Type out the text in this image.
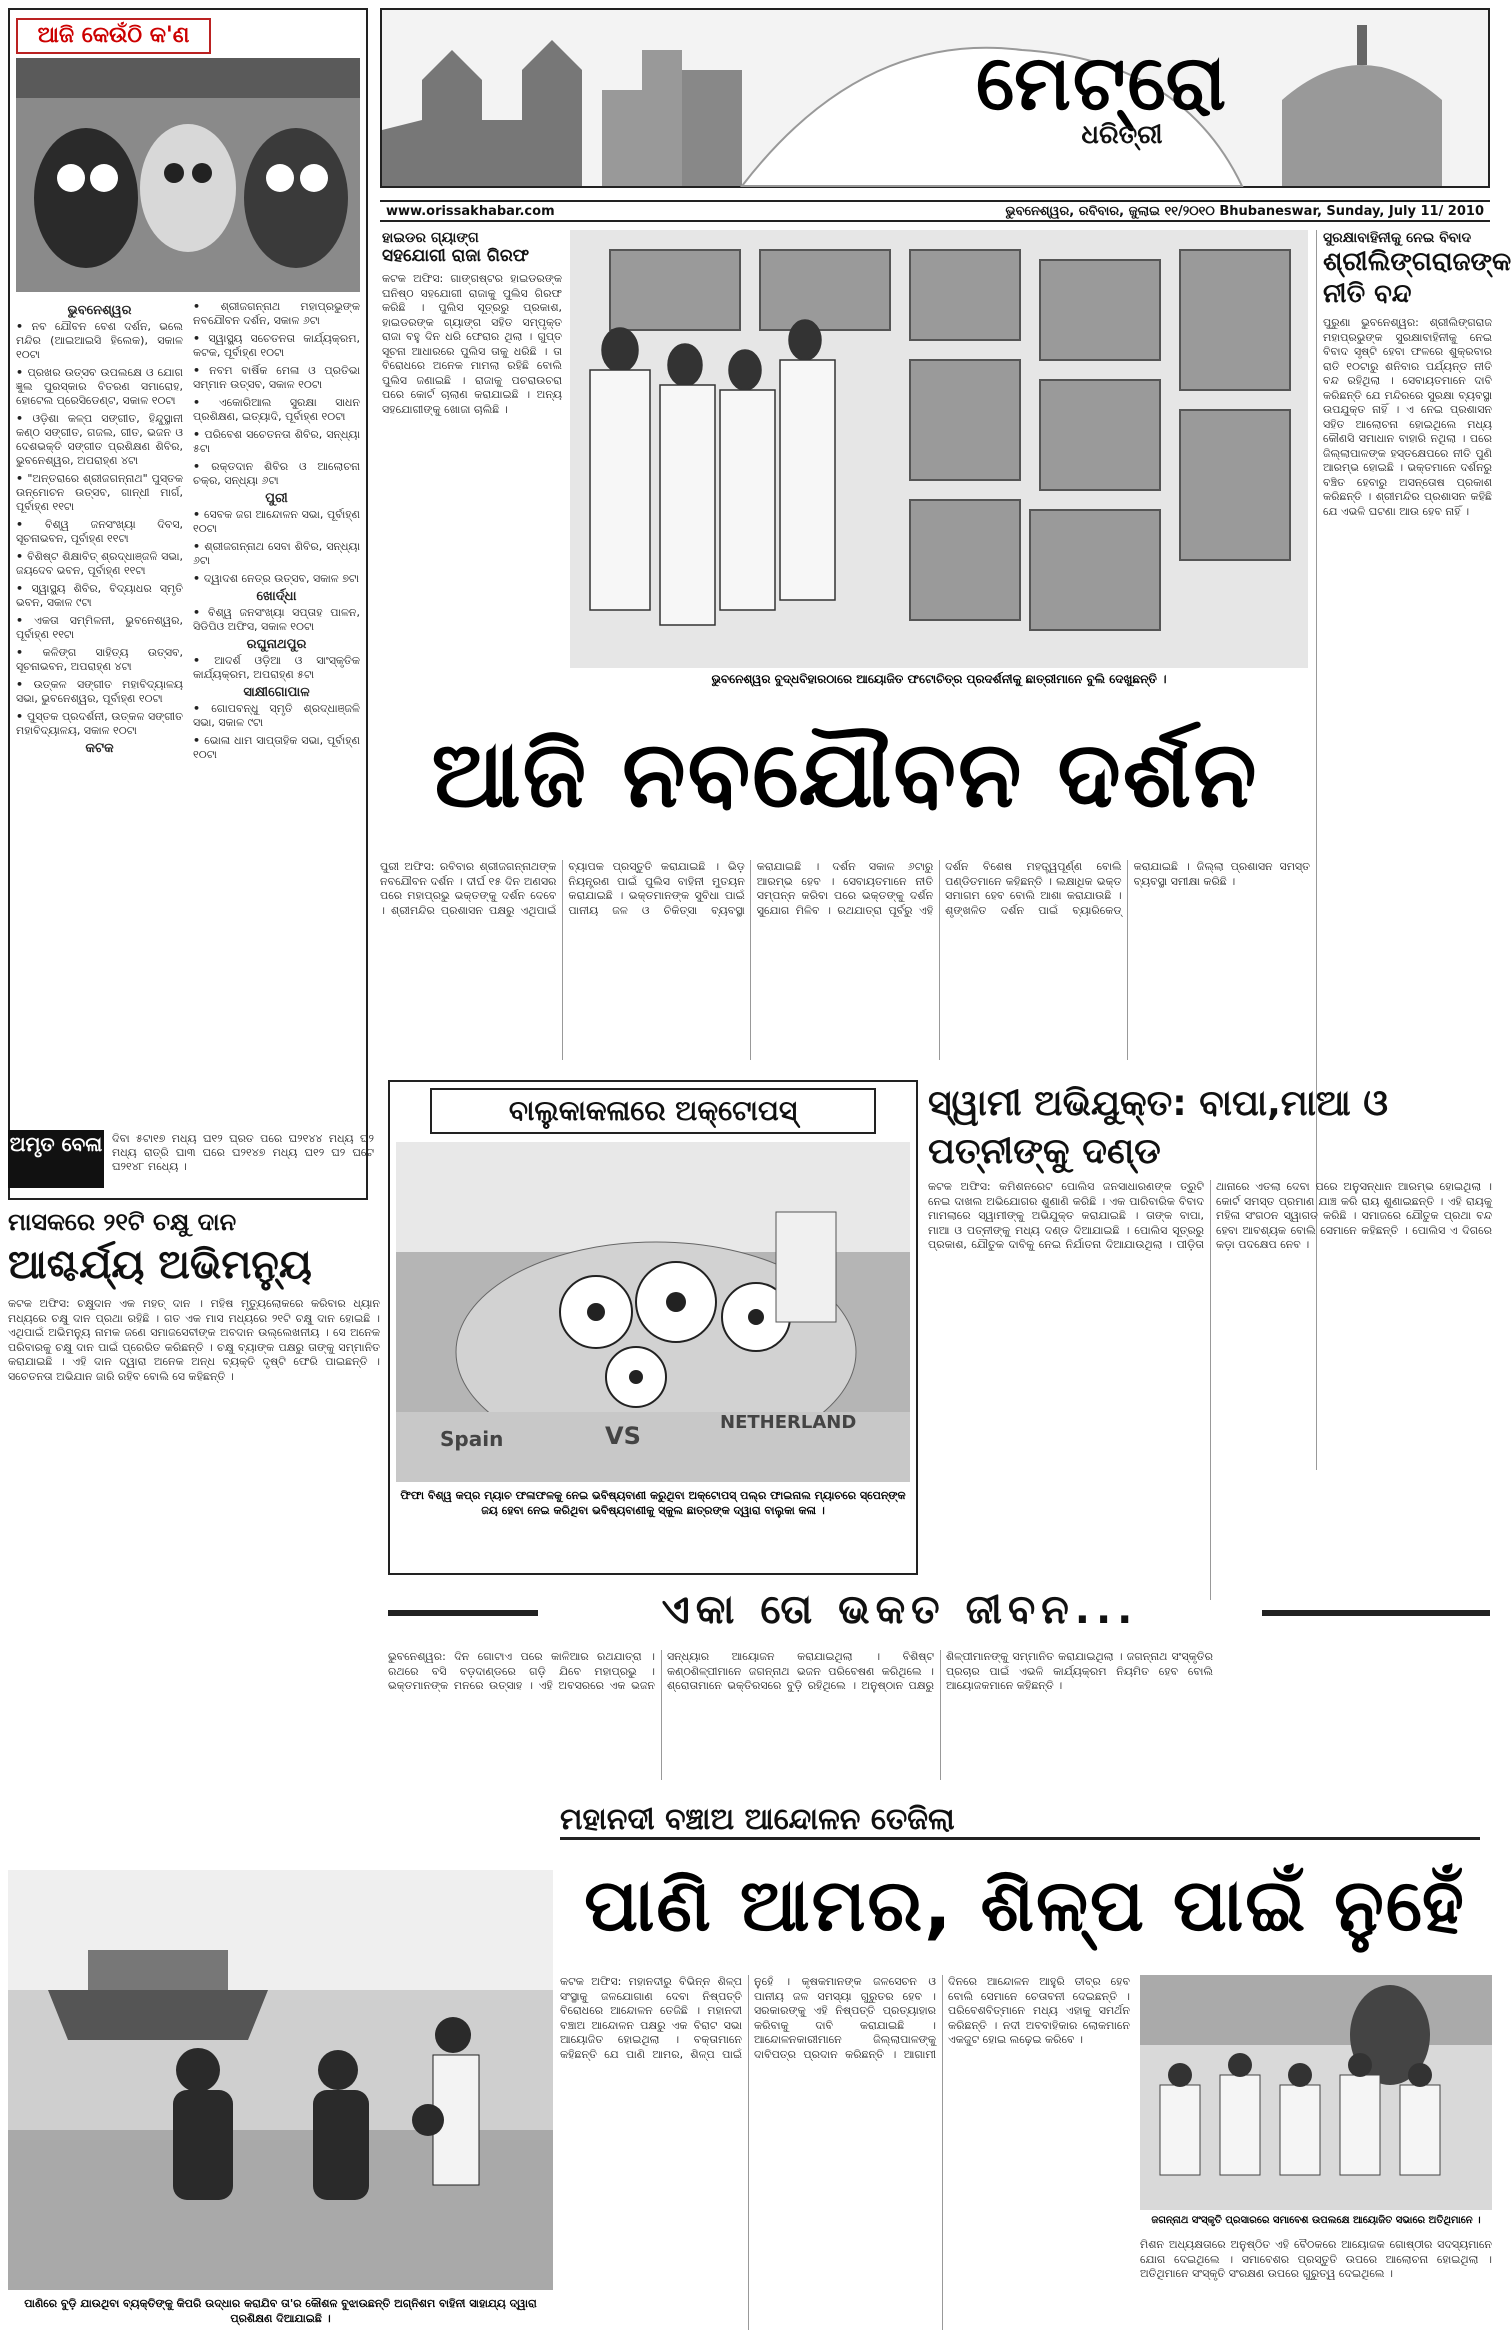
ଆଜି କେଉଁଠି କ'ଣ
ଭୁବନେଶ୍ୱର
• ନବ ଯୌବନ ବେଶ ଦର୍ଶନ, ଭଲେ ମନ୍ଦିର (ଆଇଆଇସି ହିଲେକ), ସକାଳ ୧୦ଟା
• ପ୍ରଖର ଉତ୍ସବ ଉପଲକ୍ଷେ ଓ ଯୋଗ ଜ୍ଞୁଲ ପୁରସ୍କାର ବିତରଣ ସମାରୋହ, ହୋଟେଲ ପ୍ରେସିଡେଣ୍ଟ, ସକାଳ ୧୦ଟା
• ଓଡ଼ିଶା କଳ୍ପ ସଙ୍ଗୀତ, ହିନ୍ଦୁସ୍ଥାନୀ କଣ୍ଠ ସଙ୍ଗୀତ, ଗଜଲ, ଗୀତ, ଭଜନ ଓ ଦେଶଭକ୍ତି ସଙ୍ଗୀତ ପ୍ରଶିକ୍ଷଣ ଶିବିର, ଭୁବନେଶ୍ୱର, ଅପରାହ୍ଣ ୪ଟା
• "ଅନ୍ତରାରେ ଶ୍ରୀଜଗନ୍ନାଥ" ପୁସ୍ତକ ଉନ୍ମୋଚନ ଉତ୍ସବ, ଗାନ୍ଧୀ ମାର୍ଗ, ପୂର୍ବାହ୍ଣ ୧୧ଟା
• ବିଶ୍ୱ ଜନସଂଖ୍ୟା ଦିବସ, ସୂଚନାଭବନ, ପୂର୍ବାହ୍ଣ ୧୧ଟା
• ବିଶିଷ୍ଟ ଶିକ୍ଷାବିତ୍ ଶ୍ରଦ୍ଧାଞ୍ଜଳି ସଭା, ଜୟଦେବ ଭବନ, ପୂର୍ବାହ୍ଣ ୧୧ଟା
• ସ୍ୱାସ୍ଥ୍ୟ ଶିବିର, ବିଦ୍ୟାଧର ସ୍ମୃତି ଭବନ, ସକାଳ ୯ଟା
• ଏକତା ସମ୍ମିଳନୀ, ଭୁବନେଶ୍ୱର, ପୂର୍ବାହ୍ଣ ୧୧ଟା
• କଳିଙ୍ଗ ସାହିତ୍ୟ ଉତ୍ସବ, ସୂଚନାଭବନ, ଅପରାହ୍ଣ ୪ଟା
• ଉତ୍କଳ ସଙ୍ଗୀତ ମହାବିଦ୍ୟାଳୟ ସଭା, ଭୁବନେଶ୍ୱର, ପୂର୍ବାହ୍ଣ ୧୦ଟା
• ପୁସ୍ତକ ପ୍ରଦର୍ଶନୀ, ଉତ୍କଳ ସଙ୍ଗୀତ ମହାବିଦ୍ୟାଳୟ, ସକାଳ ୧୦ଟା
କଟକ
• ଶ୍ରୀଜଗନ୍ନାଥ ମହାପ୍ରଭୁଙ୍କ ନବଯୌବନ ଦର୍ଶନ, ସକାଳ ୬ଟା
• ସ୍ୱାସ୍ଥ୍ୟ ସଚେତନତା କାର୍ଯ୍ୟକ୍ରମ, କଟକ, ପୂର୍ବାହ୍ଣ ୧୦ଟା
• ନବମ ବାର୍ଷିକ ମେଳା ଓ ପ୍ରତିଭା ସମ୍ମାନ ଉତ୍ସବ, ସକାଳ ୧୦ଟା
• ଏକୋରିଆଲ ସୁରକ୍ଷା ସାଧନ ପ୍ରଶିକ୍ଷଣ, ଇତ୍ୟାଦି, ପୂର୍ବାହ୍ଣ ୧୦ଟା
• ପରିବେଶ ସଚେତନତା ଶିବିର, ସନ୍ଧ୍ୟା ୫ଟା
• ରକ୍ତଦାନ ଶିବିର ଓ ଆଲୋଚନା ଚକ୍ର, ସନ୍ଧ୍ୟା ୬ଟା
ପୁରୀ
• ସେବକ ଜଗ ଆନ୍ଦୋଳନ ସଭା, ପୂର୍ବାହ୍ଣ ୧୦ଟା
• ଶ୍ରୀଜଗନ୍ନାଥ ସେବା ଶିବିର, ସନ୍ଧ୍ୟା ୬ଟା
• ଦ୍ୱାଦଶ ନେତ୍ର ଉତ୍ସବ, ସକାଳ ୭ଟା
ଖୋର୍ଦ୍ଧା
• ବିଶ୍ୱ ଜନସଂଖ୍ୟା ସପ୍ତାହ ପାଳନ, ସିଡିପିଓ ଅଫିସ, ସକାଳ ୧୦ଟା
ରଘୁନାଥପୁର
• ଆଦର୍ଶ ଓଡ଼ିଆ ଓ ସାଂସ୍କୃତିକ କାର୍ଯ୍ୟକ୍ରମ, ଅପରାହ୍ଣ ୫ଟା
ସାକ୍ଷୀଗୋପାଳ
• ଗୋପବନ୍ଧୁ ସ୍ମୃତି ଶ୍ରଦ୍ଧାଞ୍ଜଳି ସଭା, ସକାଳ ୯ଟା
• ଭୋଳା ଧାମ ସାପ୍ତାହିକ ସଭା, ପୂର୍ବାହ୍ଣ ୧୦ଟା
ମେଟ୍ରୋ
ଧରିତ୍ରୀ
www.orissakhabar.com	ଭୁବନେଶ୍ୱର, ରବିବାର, ଜୁଲାଇ ୧୧/୨୦୧୦ Bhubaneswar, Sunday, July 11/ 2010
ହାଇଡର ଗ୍ୟାଙ୍ଗ
ସହଯୋଗୀ ରାଜା ଗିରଫ
କଟକ ଅଫିସ: ଗାଙ୍ଗଷ୍ଟର ହାଇଡରଙ୍କ ଘନିଷ୍ଠ ସହଯୋଗୀ ରାଜାକୁ ପୁଲିସ ଗିରଫ କରିଛି । ପୁଲିସ ସୂତ୍ରରୁ ପ୍ରକାଶ, ହାଇଡରଙ୍କ ଗ୍ୟାଙ୍ଗ ସହିତ ସମ୍ପୃକ୍ତ ରାଜା ବହୁ ଦିନ ଧରି ଫେରାର ଥିଲା । ଗୁପ୍ତ ସୂଚନା ଆଧାରରେ ପୁଲିସ ତାକୁ ଧରିଛି । ତା ବିରୋଧରେ ଅନେକ ମାମଲା ରହିଛି ବୋଲି ପୁଲିସ ଜଣାଇଛି । ରାଜାକୁ ପଚରାଉଚରା ପରେ କୋର୍ଟ ଚାଲାଣ କରାଯାଇଛି । ଅନ୍ୟ ସହଯୋଗୀଙ୍କୁ ଖୋଜା ଚାଲିଛି ।
ଭୁବନେଶ୍ୱର ବୁଦ୍ଧବିହାରଠାରେ ଆୟୋଜିତ ଫଟୋଚିତ୍ର ପ୍ରଦର୍ଶନୀକୁ ଛାତ୍ରୀମାନେ ବୁଲି ଦେଖୁଛନ୍ତି ।
ସୁରକ୍ଷାବାହିନୀକୁ ନେଇ ବିବାଦ
ଶ୍ରୀଲିଙ୍ଗରାଜଙ୍କ ନୀତି ବନ୍ଦ
ପୁରୁଣା ଭୁବନେଶ୍ୱର: ଶ୍ରୀଲିଙ୍ଗରାଜ ମହାପ୍ରଭୁଙ୍କ ସୁରକ୍ଷାବାହିନୀକୁ ନେଇ ବିବାଦ ସୃଷ୍ଟି ହେବା ଫଳରେ ଶୁକ୍ରବାର ରାତି ୧୦ଟାରୁ ଶନିବାର ପର୍ଯ୍ୟନ୍ତ ନୀତି ବନ୍ଦ ରହିଥିଲା । ସେବାୟତମାନେ ଦାବି କରିଛନ୍ତି ଯେ ମନ୍ଦିରରେ ସୁରକ୍ଷା ବ୍ୟବସ୍ଥା ଉପଯୁକ୍ତ ନାହିଁ । ଏ ନେଇ ପ୍ରଶାସନ ସହିତ ଆଲୋଚନା ହୋଇଥିଲେ ମଧ୍ୟ କୌଣସି ସମାଧାନ ବାହାରି ନଥିଲା । ପରେ ଜିଲ୍ଲାପାଳଙ୍କ ହସ୍ତକ୍ଷେପରେ ନୀତି ପୁଣି ଆରମ୍ଭ ହୋଇଛି । ଭକ୍ତମାନେ ଦର୍ଶନରୁ ବଞ୍ଚିତ ହେବାରୁ ଅସନ୍ତୋଷ ପ୍ରକାଶ କରିଛନ୍ତି । ଶ୍ରୀମନ୍ଦିର ପ୍ରଶାସନ କହିଛି ଯେ ଏଭଳି ଘଟଣା ଆଉ ହେବ ନାହିଁ ।
ଆଜି ନବଯୌବନ ଦର୍ଶନ
ପୁରୀ ଅଫିସ: ରବିବାର ଶ୍ରୀଜଗନ୍ନାଥଙ୍କ ନବଯୌବନ ଦର୍ଶନ । ଦୀର୍ଘ ୧୫ ଦିନ ଅଣସର ପରେ ମହାପ୍ରଭୁ ଭକ୍ତଙ୍କୁ ଦର୍ଶନ ଦେବେ । ଶ୍ରୀମନ୍ଦିର ପ୍ରଶାସନ ପକ୍ଷରୁ ଏଥିପାଇଁ ବ୍ୟାପକ ପ୍ରସ୍ତୁତି କରାଯାଇଛି । ଭିଡ଼ ନିୟନ୍ତ୍ରଣ ପାଇଁ ପୁଲିସ ବାହିନୀ ମୁତୟନ କରାଯାଇଛି । ଭକ୍ତମାନଙ୍କ ସୁବିଧା ପାଇଁ ପାନୀୟ ଜଳ ଓ ଚିକିତ୍ସା ବ୍ୟବସ୍ଥା କରାଯାଇଛି । ଦର୍ଶନ ସକାଳ ୬ଟାରୁ ଆରମ୍ଭ ହେବ । ସେବାୟତମାନେ ନୀତି ସମ୍ପନ୍ନ କରିବା ପରେ ଭକ୍ତଙ୍କୁ ଦର୍ଶନ ସୁଯୋଗ ମିଳିବ । ରଥଯାତ୍ରା ପୂର୍ବରୁ ଏହି ଦର୍ଶନ ବିଶେଷ ମହତ୍ତ୍ୱପୂର୍ଣ୍ଣ ବୋଲି ପଣ୍ଡିତମାନେ କହିଛନ୍ତି । ଲକ୍ଷାଧିକ ଭକ୍ତ ସମାଗମ ହେବ ବୋଲି ଆଶା କରାଯାଉଛି । ଶୃଙ୍ଖଳିତ ଦର୍ଶନ ପାଇଁ ବ୍ୟାରିକେଡ୍ କରାଯାଇଛି । ଜିଲ୍ଲା ପ୍ରଶାସନ ସମସ୍ତ ବ୍ୟବସ୍ଥା ସମୀକ୍ଷା କରିଛି ।
ଅମୃତ ବେଳା ଦିବା ୫ଟା୧୭ ମଧ୍ୟ ଘ୧୨ ଘ୍ରତ ପରେ ଘ୨୧୪୪ ମଧ୍ୟ ଘ୨ ମଧ୍ୟ ରାତ୍ରି ଘା୩ ଘରେ ଘ୨୧୪୭ ମଧ୍ୟ ଘ୧୨ ଘ୨ ଘଟେ ଘ୨୧୪୮ ମଧ୍ୟେ ।
ମାସକରେ ୨୧ଟି ଚକ୍ଷୁ ଦାନ
ଆଶ୍ଚର୍ଯ୍ୟ ଅଭିମନ୍ୟୁ
କଟକ ଅଫିସ: ଚକ୍ଷୁଦାନ ଏକ ମହତ୍ ଦାନ । ମହିଷ ମୃତ୍ୟୁଲୋକରେ କରିବାର ଧ୍ୟାନ ମଧ୍ୟରେ ଚକ୍ଷୁ ଦାନ ପ୍ରଥା ରହିଛି । ଗତ ଏକ ମାସ ମଧ୍ୟରେ ୨୧ଟି ଚକ୍ଷୁ ଦାନ ହୋଇଛି । ଏଥିପାଇଁ ଅଭିମନ୍ୟୁ ନାମକ ଜଣେ ସମାଜସେବୀଙ୍କ ଅବଦାନ ଉଲ୍ଲେଖନୀୟ । ସେ ଅନେକ ପରିବାରକୁ ଚକ୍ଷୁ ଦାନ ପାଇଁ ପ୍ରେରିତ କରିଛନ୍ତି । ଚକ୍ଷୁ ବ୍ୟାଙ୍କ ପକ୍ଷରୁ ତାଙ୍କୁ ସମ୍ମାନିତ କରାଯାଇଛି । ଏହି ଦାନ ଦ୍ୱାରା ଅନେକ ଅନ୍ଧ ବ୍ୟକ୍ତି ଦୃଷ୍ଟି ଫେରି ପାଇଛନ୍ତି । ସଚେତନତା ଅଭିଯାନ ଜାରି ରହିବ ବୋଲି ସେ କହିଛନ୍ତି ।
ବାଲୁକାକଳାରେ ଅକ୍ଟୋପସ୍
Spain	VS	NETHERLAND
ଫିଫା ବିଶ୍ୱ କପ୍ର ମ୍ୟାଚ ଫଳାଫଳକୁ ନେଇ ଭବିଷ୍ୟବାଣୀ କରୁଥିବା ଅକ୍ଟୋପସ୍ ପଲ୍ର ଫାଇନାଲ ମ୍ୟାଚରେ ସ୍ପେନ୍ଙ୍କ ଜୟ ହେବା ନେଇ କରିଥିବା ଭବିଷ୍ୟବାଣୀକୁ ସ୍କୁଲ ଛାତ୍ରଙ୍କ ଦ୍ୱାରା ବାଲୁକା କଳା ।
ସ୍ୱାମୀ ଅଭିଯୁକ୍ତ: ବାପା,ମାଆ ଓ ପତ୍ନୀଙ୍କୁ ଦଣ୍ଡ
କଟକ ଅଫିସ: କମିଶନରେଟ ପୋଲିସ ଜନସାଧାରଣଙ୍କ ତ୍ରୁଟି ନେଇ ଦାଖଲ ଅଭିଯୋଗର ଶୁଣାଣି କରିଛି । ଏକ ପାରିବାରିକ ବିବାଦ ମାମଲାରେ ସ୍ୱାମୀଙ୍କୁ ଅଭିଯୁକ୍ତ କରାଯାଇଛି । ତାଙ୍କ ବାପା, ମାଆ ଓ ପତ୍ନୀଙ୍କୁ ମଧ୍ୟ ଦଣ୍ଡ ଦିଆଯାଇଛି । ପୋଲିସ ସୂତ୍ରରୁ ପ୍ରକାଶ, ଯୌତୁକ ଦାବିକୁ ନେଇ ନିର୍ଯାତନା ଦିଆଯାଉଥିଲା । ପୀଡ଼ିତା ଥାନାରେ ଏତଲା ଦେବା ପରେ ଅନୁସନ୍ଧାନ ଆରମ୍ଭ ହୋଇଥିଲା । କୋର୍ଟ ସମସ୍ତ ପ୍ରମାଣ ଯାଞ୍ଚ କରି ରାୟ ଶୁଣାଇଛନ୍ତି । ଏହି ରାୟକୁ ମହିଳା ସଂଗଠନ ସ୍ୱାଗତ କରିଛି । ସମାଜରେ ଯୌତୁକ ପ୍ରଥା ବନ୍ଦ ହେବା ଆବଶ୍ୟକ ବୋଲି ସେମାନେ କହିଛନ୍ତି । ପୋଲିସ ଏ ଦିଗରେ କଡ଼ା ପଦକ୍ଷେପ ନେବ ।
ଏକା ତୋ ଭକତ ଜୀବନ...
ଭୁବନେଶ୍ୱର: ଦିନ ଗୋଟାଏ ପରେ କାଳିଆର ରଥଯାତ୍ରା । ରଥରେ ବସି ବଡ଼ଦାଣ୍ଡରେ ଗଡ଼ି ଯିବେ ମହାପ୍ରଭୁ । ଭକ୍ତମାନଙ୍କ ମନରେ ଉତ୍ସାହ । ଏହି ଅବସରରେ ଏକ ଭଜନ ସନ୍ଧ୍ୟାର ଆୟୋଜନ କରାଯାଇଥିଲା । ବିଶିଷ୍ଟ କଣ୍ଠଶିଳ୍ପୀମାନେ ଜଗନ୍ନାଥ ଭଜନ ପରିବେଷଣ କରିଥିଲେ । ଶ୍ରୋତାମାନେ ଭକ୍ତିରସରେ ବୁଡ଼ି ରହିଥିଲେ । ଅନୁଷ୍ଠାନ ପକ୍ଷରୁ ଶିଳ୍ପୀମାନଙ୍କୁ ସମ୍ମାନିତ କରାଯାଇଥିଲା । ଜଗନ୍ନାଥ ସଂସ୍କୃତିର ପ୍ରଚାର ପାଇଁ ଏଭଳି କାର୍ଯ୍ୟକ୍ରମ ନିୟମିତ ହେବ ବୋଲି ଆୟୋଜକମାନେ କହିଛନ୍ତି ।
ମହାନଦୀ ବଞ୍ଚାଅ ଆନ୍ଦୋଳନ ତେଜିଲା
ପାଣି ଆମର, ଶିଳ୍ପ ପାଇଁ ନୁହେଁ
କଟକ ଅଫିସ: ମହାନଦୀରୁ ବିଭିନ୍ନ ଶିଳ୍ପ ସଂସ୍ଥାକୁ ଜଳଯୋଗାଣ ଦେବା ନିଷ୍ପତ୍ତି ବିରୋଧରେ ଆନ୍ଦୋଳନ ତେଜିଛି । ମହାନଦୀ ବଞ୍ଚାଅ ଆନ୍ଦୋଳନ ପକ୍ଷରୁ ଏକ ବିରାଟ ସଭା ଆୟୋଜିତ ହୋଇଥିଲା । ବକ୍ତାମାନେ କହିଛନ୍ତି ଯେ ପାଣି ଆମର, ଶିଳ୍ପ ପାଇଁ ନୁହେଁ । କୃଷକମାନଙ୍କ ଜଳସେଚନ ଓ ପାନୀୟ ଜଳ ସମସ୍ୟା ଗୁରୁତର ହେବ । ସରକାରଙ୍କୁ ଏହି ନିଷ୍ପତ୍ତି ପ୍ରତ୍ୟାହାର କରିବାକୁ ଦାବି କରାଯାଇଛି । ଆନ୍ଦୋଳନକାରୀମାନେ ଜିଲ୍ଲାପାଳଙ୍କୁ ଦାବିପତ୍ର ପ୍ରଦାନ କରିଛନ୍ତି । ଆଗାମୀ ଦିନରେ ଆନ୍ଦୋଳନ ଆହୁରି ତୀବ୍ର ହେବ ବୋଲି ସେମାନେ ଚେତାବନୀ ଦେଇଛନ୍ତି । ପରିବେଶବିତ୍ମାନେ ମଧ୍ୟ ଏହାକୁ ସମର୍ଥନ କରିଛନ୍ତି । ନଦୀ ଅବବାହିକାର ଲୋକମାନେ ଏକଜୁଟ ହୋଇ ଲଢ଼େଇ କରିବେ ।
ପାଣିରେ ବୁଡ଼ି ଯାଉଥିବା ବ୍ୟକ୍ତିଙ୍କୁ କିପରି ଉଦ୍ଧାର କରାଯିବ ତା'ର କୌଶଳ ବୁଝାଉଛନ୍ତି ଅଗ୍ନିଶମ ବାହିନୀ ସାହାଯ୍ୟ ଦ୍ୱାରା ପ୍ରଶିକ୍ଷଣ ଦିଆଯାଇଛି ।
ଜଗନ୍ନାଥ ସଂସ୍କୃତି ପ୍ରସାରରେ ସମାବେଶ ଉପଲକ୍ଷେ ଆୟୋଜିତ ସଭାରେ ଅତିଥିମାନେ ।
ମିଶନ ଅଧ୍ୟକ୍ଷତାରେ ଅନୁଷ୍ଠିତ ଏହି ବୈଠକରେ ଆୟୋଜକ ଗୋଷ୍ଠୀର ସଦସ୍ୟମାନେ ଯୋଗ ଦେଇଥିଲେ । ସମାବେଶର ପ୍ରସ୍ତୁତି ଉପରେ ଆଲୋଚନା ହୋଇଥିଲା । ଅତିଥିମାନେ ସଂସ୍କୃତି ସଂରକ୍ଷଣ ଉପରେ ଗୁରୁତ୍ୱ ଦେଇଥିଲେ ।
